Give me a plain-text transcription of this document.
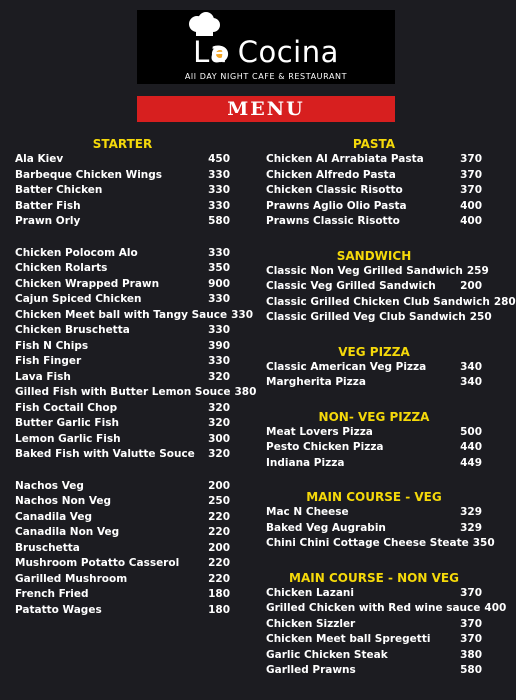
La Cocina
All DAY NIGHT CAFE & RESTAURANT
MENU
STARTER
Ala Kiev	450
Barbeque Chicken Wings	330
Batter Chicken	330
Batter Fish	330
Prawn Orly	580
Chicken Polocom Alo	330
Chicken Rolarts	350
Chicken Wrapped Prawn	900
Cajun Spiced Chicken	330
Chicken Meet ball with Tangy Sauce 330
Chicken Bruschetta	330
Fish N Chips	390
Fish Finger	330
Lava Fish	320
Gilled Fish with Butter Lemon Souce 380
Fish Coctail Chop	320
Butter Garlic Fish	320
Lemon Garlic Fish	300
Baked Fish with Valutte Souce	320
Nachos Veg	200
Nachos Non Veg	250
Canadila Veg	220
Canadila Non Veg	220
Bruschetta	200
Mushroom Potatto Casserol	220
Garilled Mushroom	220
French Fried	180
Patatto Wages	180
PASTA
Chicken Al Arrabiata Pasta	370
Chicken Alfredo Pasta	370
Chicken Classic Risotto	370
Prawns Aglio Olio Pasta	400
Prawns Classic Risotto	400
SANDWICH
Classic Non Veg Grilled Sandwich 259
Classic Veg Grilled Sandwich	200
Classic Grilled Chicken Club Sandwich 280
Classic Grilled Veg Club Sandwich 250
VEG PIZZA
Classic American Veg Pizza	340
Margherita Pizza	340
NON- VEG PIZZA
Meat Lovers Pizza	500
Pesto Chicken Pizza	440
Indiana Pizza	449
MAIN COURSE - VEG
Mac N Cheese	329
Baked Veg Augrabin	329
Chini Chini Cottage Cheese Steate 350
MAIN COURSE - NON VEG
Chicken Lazani	370
Grilled Chicken with Red wine sauce 400
Chicken Sizzler	370
Chicken Meet ball Spregetti	370
Garlic Chicken Steak	380
Garlled Prawns	580
